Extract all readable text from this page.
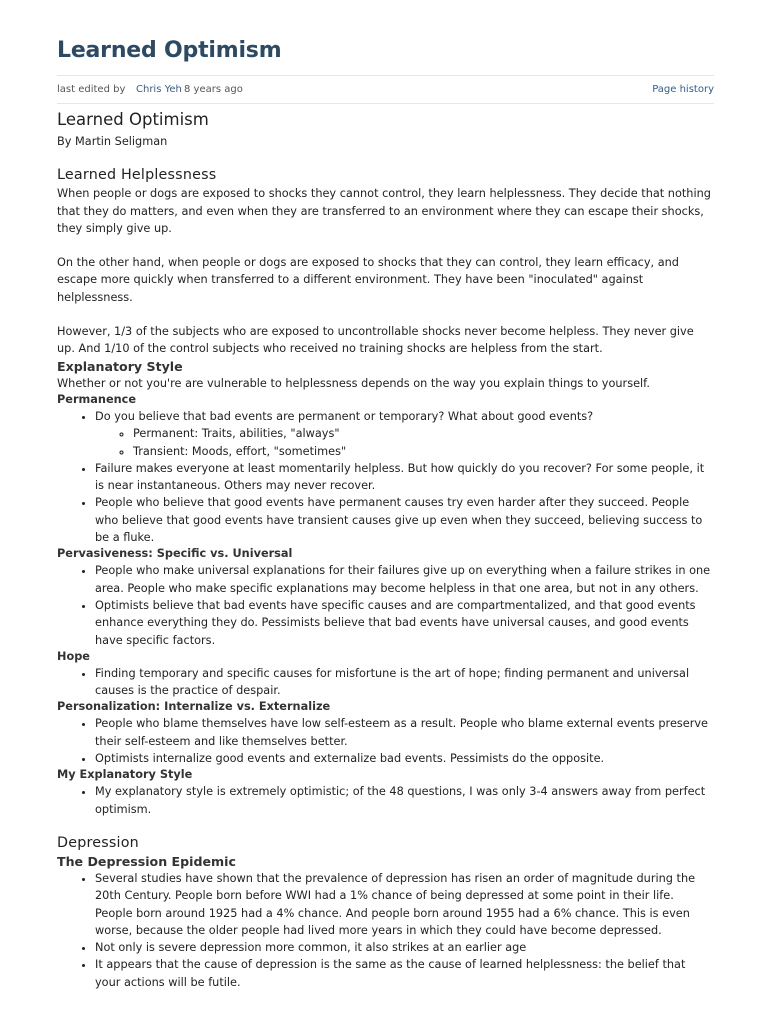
Learned Optimism
last edited by Chris Yeh 8 years ago	Page history
Learned Optimism

By Martin Seligman

Learned Helplessness

When people or dogs are exposed to shocks they cannot control, they learn helplessness. They decide that nothing that they do matters, and even when they are transferred to an environment where they can escape their shocks, they simply give up.

On the other hand, when people or dogs are exposed to shocks that they can control, they learn efficacy, and escape more quickly when transferred to a different environment. They have been "inoculated" against helplessness.

However, 1/3 of the subjects who are exposed to uncontrollable shocks never become helpless. They never give up. And 1/10 of the control subjects who received no training shocks are helpless from the start.

Explanatory Style

Whether or not you're are vulnerable to helplessness depends on the way you explain things to yourself.

Permanence
• Do you believe that bad events are permanent or temporary? What about good events?
◦ Permanent: Traits, abilities, "always"
◦ Transient: Moods, effort, "sometimes"
• Failure makes everyone at least momentarily helpless. But how quickly do you recover? For some people, it is near instantaneous. Others may never recover.
• People who believe that good events have permanent causes try even harder after they succeed. People who believe that good events have transient causes give up even when they succeed, believing success to be a fluke.
Pervasiveness: Specific vs. Universal
• People who make universal explanations for their failures give up on everything when a failure strikes in one area. People who make specific explanations may become helpless in that one area, but not in any others.
• Optimists believe that bad events have specific causes and are compartmentalized, and that good events enhance everything they do. Pessimists believe that bad events have universal causes, and good events have specific factors.
Hope
• Finding temporary and specific causes for misfortune is the art of hope; finding permanent and universal causes is the practice of despair.
Personalization: Internalize vs. Externalize
• People who blame themselves have low self-esteem as a result. People who blame external events preserve their self-esteem and like themselves better.
• Optimists internalize good events and externalize bad events. Pessimists do the opposite.
My Explanatory Style
• My explanatory style is extremely optimistic; of the 48 questions, I was only 3-4 answers away from perfect optimism.
Depression
The Depression Epidemic
• Several studies have shown that the prevalence of depression has risen an order of magnitude during the 20th Century. People born before WWI had a 1% chance of being depressed at some point in their life. People born around 1925 had a 4% chance. And people born around 1955 had a 6% chance. This is even worse, because the older people had lived more years in which they could have become depressed.
• Not only is severe depression more common, it also strikes at an earlier age
• It appears that the cause of depression is the same as the cause of learned helplessness: the belief that your actions will be futile.
